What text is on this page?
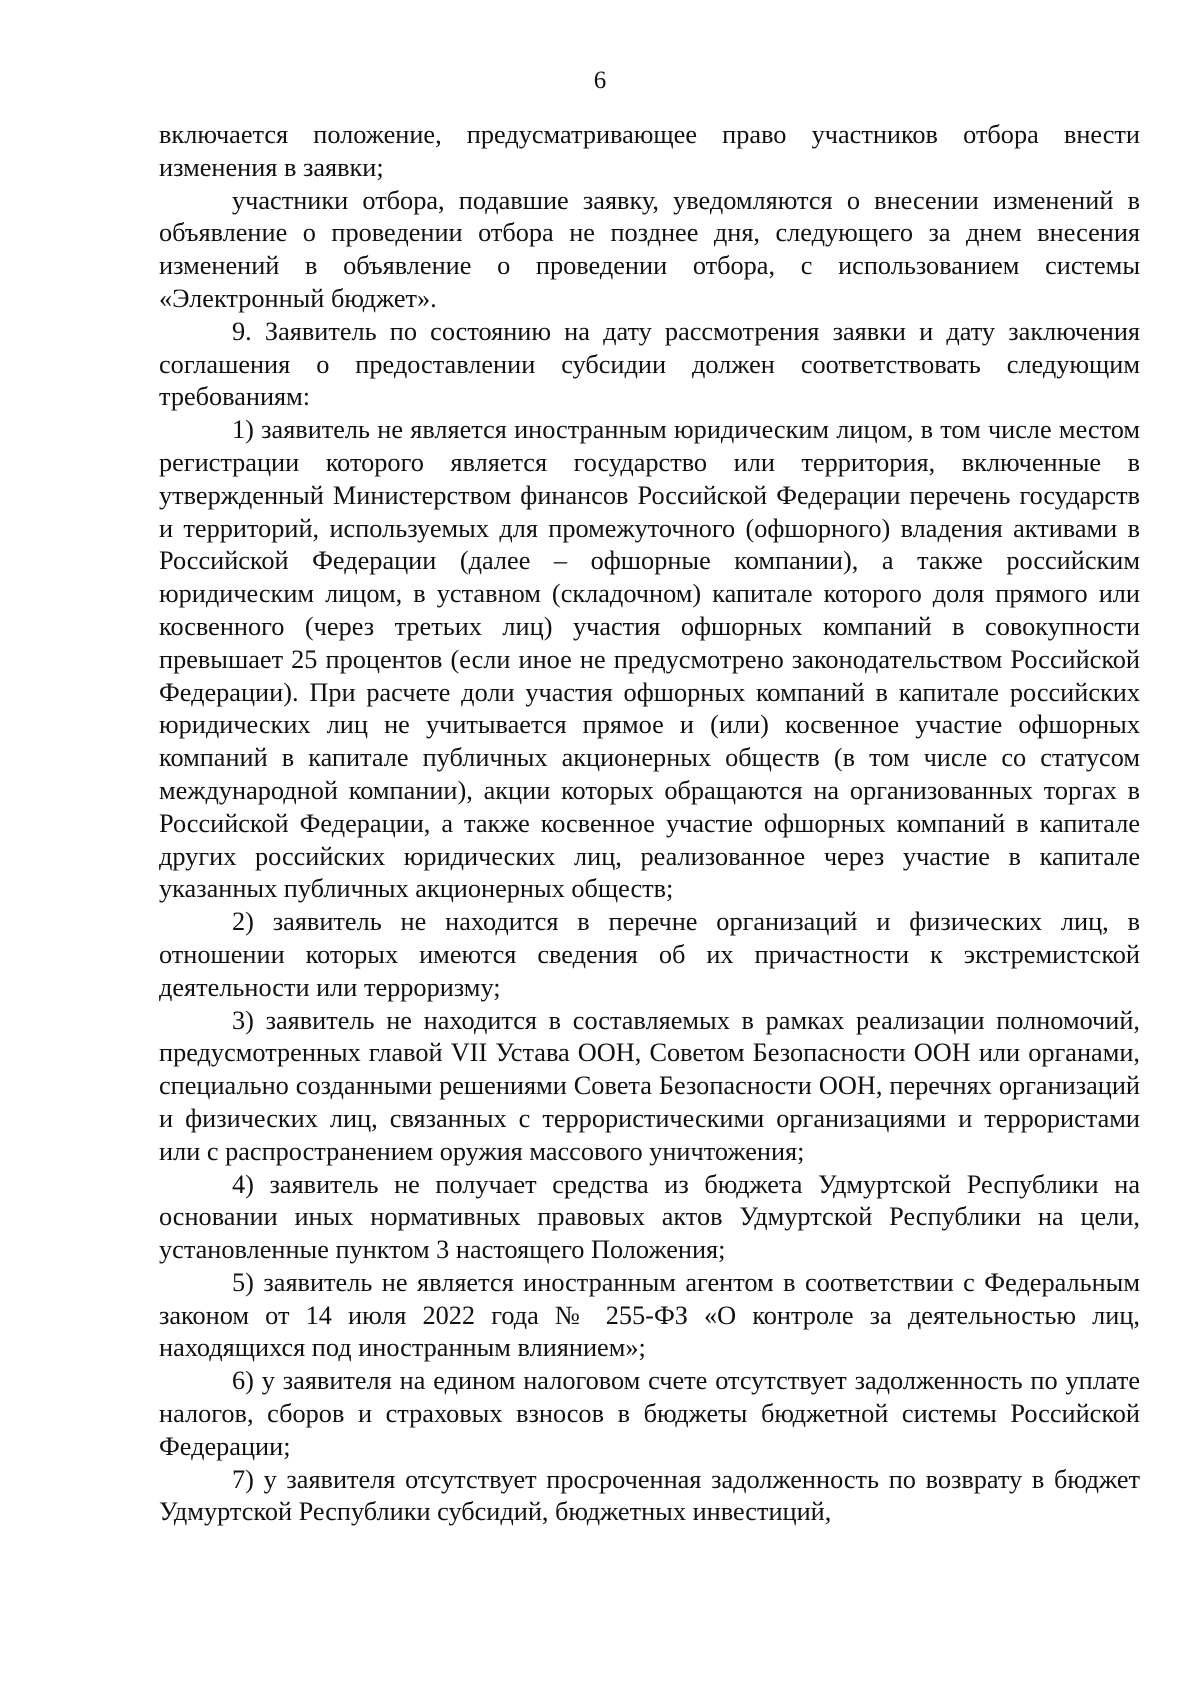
6

включается положение, предусматривающее право участников отбора внести изменения в заявки;

участники отбора, подавшие заявку, уведомляются о внесении изменений в объявление о проведении отбора не позднее дня, следующего за днем внесения изменений в объявление о проведении отбора, с использованием системы «Электронный бюджет».

9. Заявитель по состоянию на дату рассмотрения заявки и дату заключения соглашения о предоставлении субсидии должен соответствовать следующим требованиям:

1) заявитель не является иностранным юридическим лицом, в том числе местом регистрации которого является государство или территория, включенные в утвержденный Министерством финансов Российской Федерации перечень государств и территорий, используемых для промежуточного (офшорного) владения активами в Российской Федерации (далее – офшорные компании), а также российским юридическим лицом, в уставном (складочном) капитале которого доля прямого или косвенного (через третьих лиц) участия офшорных компаний в совокупности превышает 25 процентов (если иное не предусмотрено законодательством Российской Федерации). При расчете доли участия офшорных компаний в капитале российских юридических лиц не учитывается прямое и (или) косвенное участие офшорных компаний в капитале публичных акционерных обществ (в том числе со статусом международной компании), акции которых обращаются на организованных торгах в Российской Федерации, а также косвенное участие офшорных компаний в капитале других российских юридических лиц, реализованное через участие в капитале указанных публичных акционерных обществ;

2) заявитель не находится в перечне организаций и физических лиц, в отношении которых имеются сведения об их причастности к экстремистской деятельности или терроризму;

3) заявитель не находится в составляемых в рамках реализации полномочий, предусмотренных главой VII Устава ООН, Советом Безопасности ООН или органами, специально созданными решениями Совета Безопасности ООН, перечнях организаций и физических лиц, связанных с террористическими организациями и террористами или с распространением оружия массового уничтожения;

4) заявитель не получает средства из бюджета Удмуртской Республики на основании иных нормативных правовых актов Удмуртской Республики на цели, установленные пунктом 3 настоящего Положения;

5) заявитель не является иностранным агентом в соответствии с Федеральным законом от 14 июля 2022 года № 255-ФЗ «О контроле за деятельностью лиц, находящихся под иностранным влиянием»;

6) у заявителя на едином налоговом счете отсутствует задолженность по уплате налогов, сборов и страховых взносов в бюджеты бюджетной системы Российской Федерации;

7) у заявителя отсутствует просроченная задолженность по возврату в бюджет Удмуртской Республики субсидий, бюджетных инвестиций,
